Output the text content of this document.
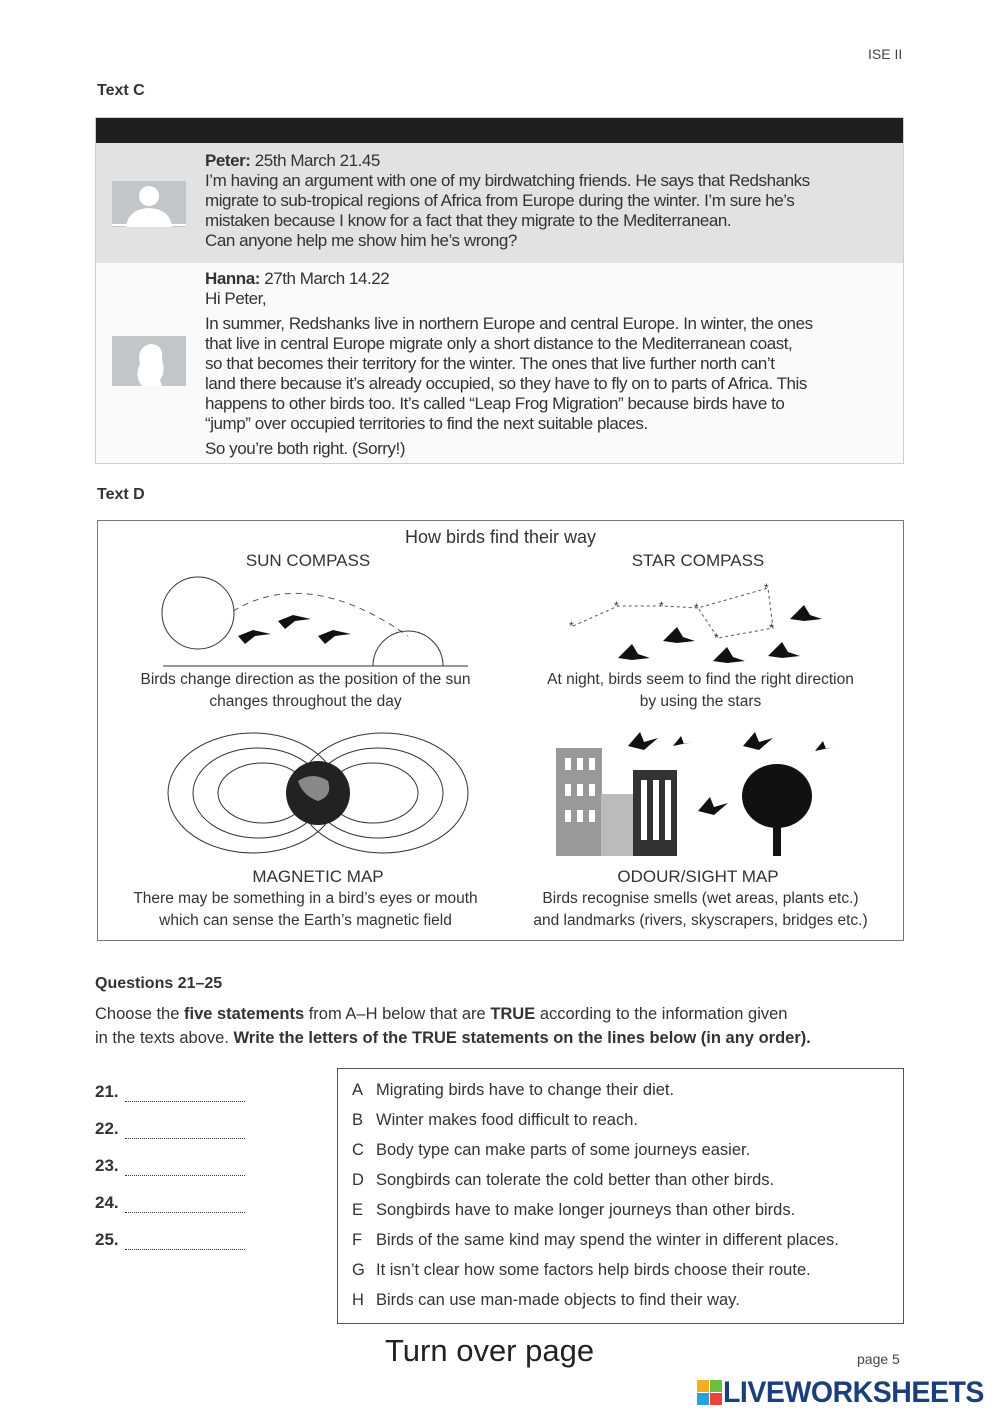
ISE II
Text C
Peter: 25th March 21.45
I’m having an argument with one of my birdwatching friends. He says that Redshanks
migrate to sub-tropical regions of Africa from Europe during the winter. I’m sure he’s
mistaken because I know for a fact that they migrate to the Mediterranean.
Can anyone help me show him he’s wrong?
Hanna: 27th March 14.22
Hi Peter,
In summer, Redshanks live in northern Europe and central Europe. In winter, the ones
that live in central Europe migrate only a short distance to the Mediterranean coast,
so that becomes their territory for the winter. The ones that live further north can’t
land there because it’s already occupied, so they have to fly on to parts of Africa. This
happens to other birds too. It’s called “Leap Frog Migration” because birds have to
“jump” over occupied territories to find the next suitable places.
So you’re both right. (Sorry!)
Text D
How birds find their way
SUN COMPASS	STAR COMPASS
*
*	*	*
*
*
*
Birds change direction as the position of the sun
changes throughout the day
At night, birds seem to find the right direction
by using the stars
MAGNETIC MAP	ODOUR/SIGHT MAP
There may be something in a bird’s eyes or mouth
which can sense the Earth’s magnetic field
Birds recognise smells (wet areas, plants etc.)
and landmarks (rivers, skyscrapers, bridges etc.)
Questions 21–25
Choose the five statements from A–H below that are TRUE according to the information given
in the texts above. Write the letters of the TRUE statements on the lines below (in any order).
21.
22.
23.
24.
25.
A Migrating birds have to change their diet.
B Winter makes food difficult to reach.
C Body type can make parts of some journeys easier.
D Songbirds can tolerate the cold better than other birds.
E Songbirds have to make longer journeys than other birds.
F Birds of the same kind may spend the winter in different places.
G It isn’t clear how some factors help birds choose their route.
H Birds can use man-made objects to find their way.
Turn over page	page 5
LIVEWORKSHEETS
